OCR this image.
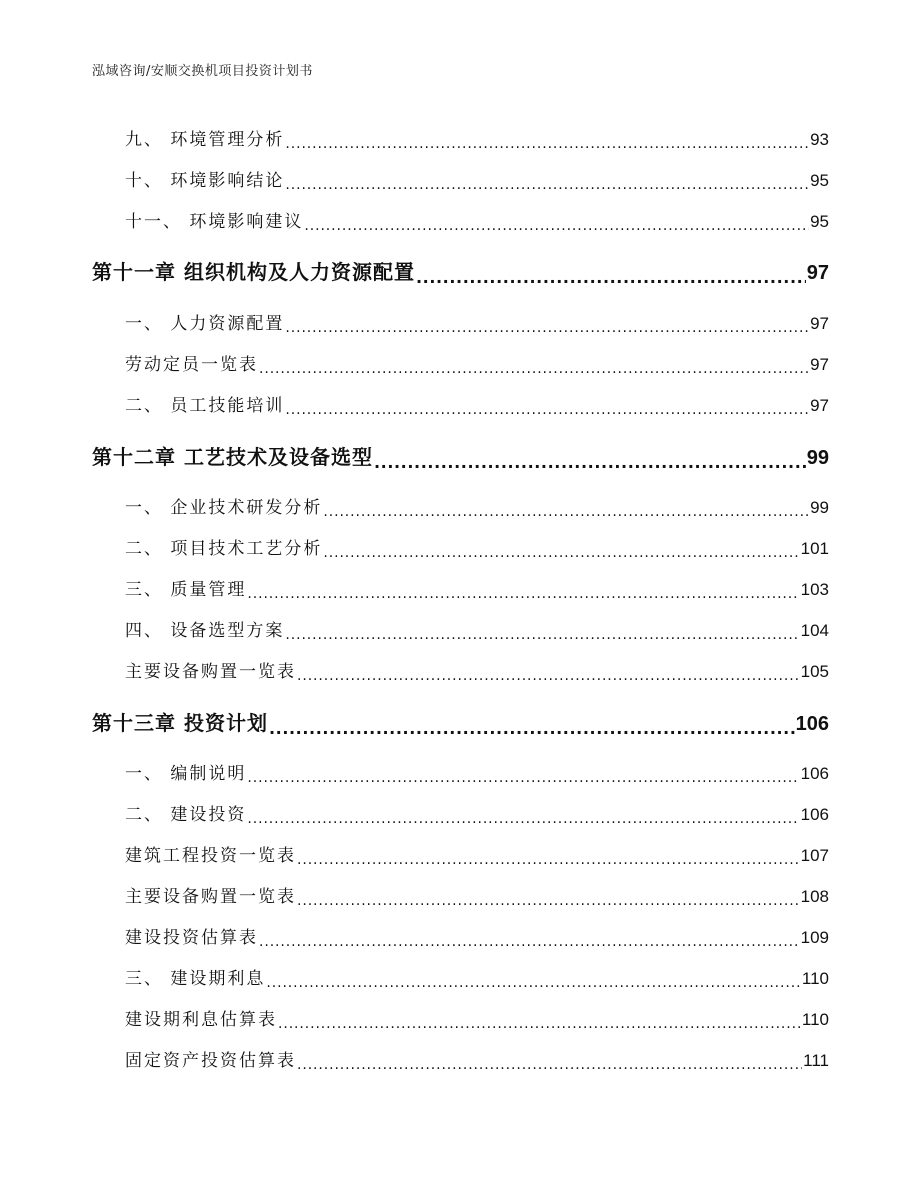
泓域咨询/安顺交换机项目投资计划书
九、 环境管理分析 .....	93
十、 环境影响结论 .....	95
十一、 环境影响建议 .....	95
第十一章 组织机构及人力资源配置 .....	97
一、 人力资源配置 .....	97
劳动定员一览表 .....	97
二、 员工技能培训 .....	97
第十二章 工艺技术及设备选型 .....	99
一、 企业技术研发分析 .....	99
二、 项目技术工艺分析 .....	101
三、 质量管理 .....	103
四、 设备选型方案 .....	104
主要设备购置一览表 .....	105
第十三章 投资计划 .....	106
一、 编制说明 .....	106
二、 建设投资 .....	106
建筑工程投资一览表 .....	107
主要设备购置一览表 .....	108
建设投资估算表 .....	109
三、 建设期利息 .....	110
建设期利息估算表 .....	110
固定资产投资估算表 .....	111
